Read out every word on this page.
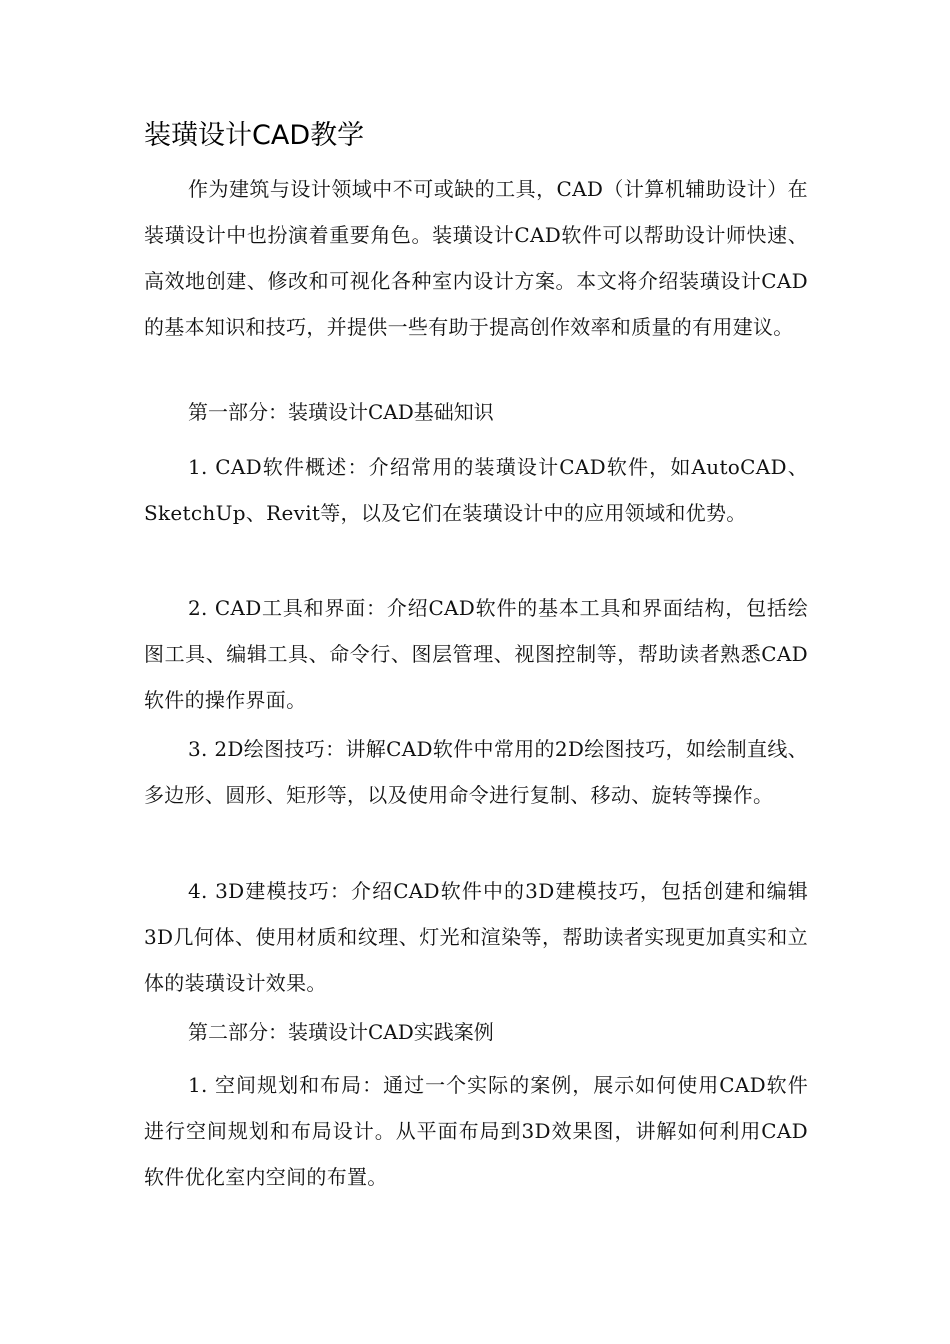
装璜设计CAD教学

作为建筑与设计领域中不可或缺的工具，CAD（计算机辅助设计）在装璜设计中也扮演着重要角色。装璜设计CAD软件可以帮助设计师快速、高效地创建、修改和可视化各种室内设计方案。本文将介绍装璜设计CAD的基本知识和技巧，并提供一些有助于提高创作效率和质量的有用建议。

第一部分：装璜设计CAD基础知识

1. CAD软件概述：介绍常用的装璜设计CAD软件，如AutoCAD、SketchUp、Revit等，以及它们在装璜设计中的应用领域和优势。

2. CAD工具和界面：介绍CAD软件的基本工具和界面结构，包括绘图工具、编辑工具、命令行、图层管理、视图控制等，帮助读者熟悉CAD软件的操作界面。

3. 2D绘图技巧：讲解CAD软件中常用的2D绘图技巧，如绘制直线、多边形、圆形、矩形等，以及使用命令进行复制、移动、旋转等操作。

4. 3D建模技巧：介绍CAD软件中的3D建模技巧，包括创建和编辑3D几何体、使用材质和纹理、灯光和渲染等，帮助读者实现更加真实和立体的装璜设计效果。

第二部分：装璜设计CAD实践案例

1. 空间规划和布局：通过一个实际的案例，展示如何使用CAD软件进行空间规划和布局设计。从平面布局到3D效果图，讲解如何利用CAD软件优化室内空间的布置。
